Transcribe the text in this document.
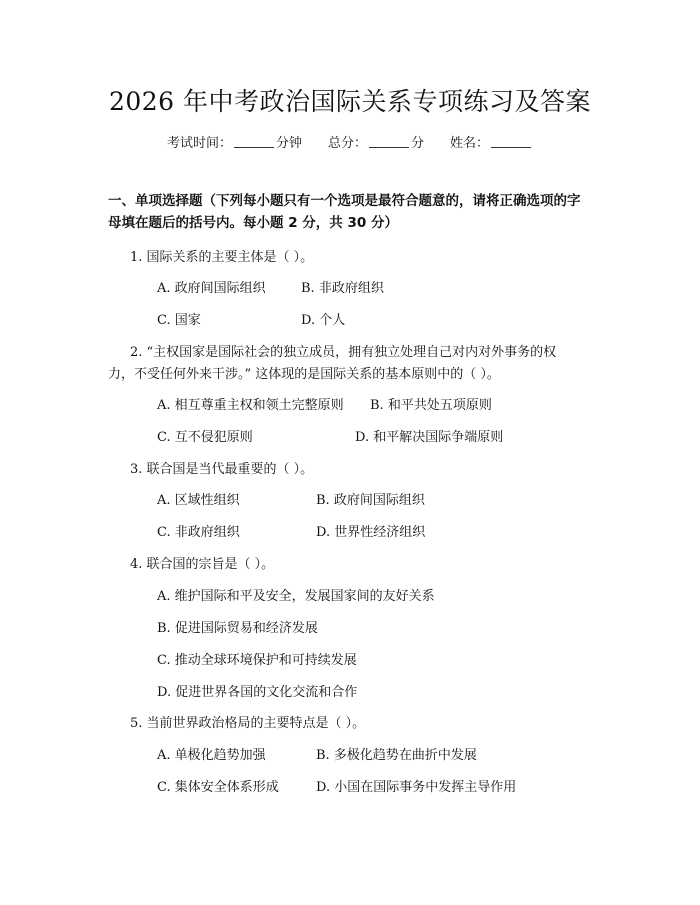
2026 年中考政治国际关系专项练习及答案
考试时间：	分钟 总分：	分 姓名：
一、单项选择题（下列每小题只有一个选项是最符合题意的，请将正确选项的字母填在题后的括号内。每小题 2 分，共 30 分）
1. 国际关系的主要主体是（ ）。
A. 政府间国际组织	B. 非政府组织
C. 国家	D. 个人
2. “主权国家是国际社会的独立成员，拥有独立处理自己对内对外事务的权
力，不受任何外来干涉。” 这体现的是国际关系的基本原则中的（ ）。
A. 相互尊重主权和领土完整原则 B. 和平共处五项原则
C. 互不侵犯原则	D. 和平解决国际争端原则
3. 联合国是当代最重要的（ ）。
A. 区域性组织	B. 政府间国际组织
C. 非政府组织	D. 世界性经济组织
4. 联合国的宗旨是（ ）。
A. 维护国际和平及安全，发展国家间的友好关系
B. 促进国际贸易和经济发展
C. 推动全球环境保护和可持续发展
D. 促进世界各国的文化交流和合作
5. 当前世界政治格局的主要特点是（ ）。
A. 单极化趋势加强	B. 多极化趋势在曲折中发展
C. 集体安全体系形成	D. 小国在国际事务中发挥主导作用
